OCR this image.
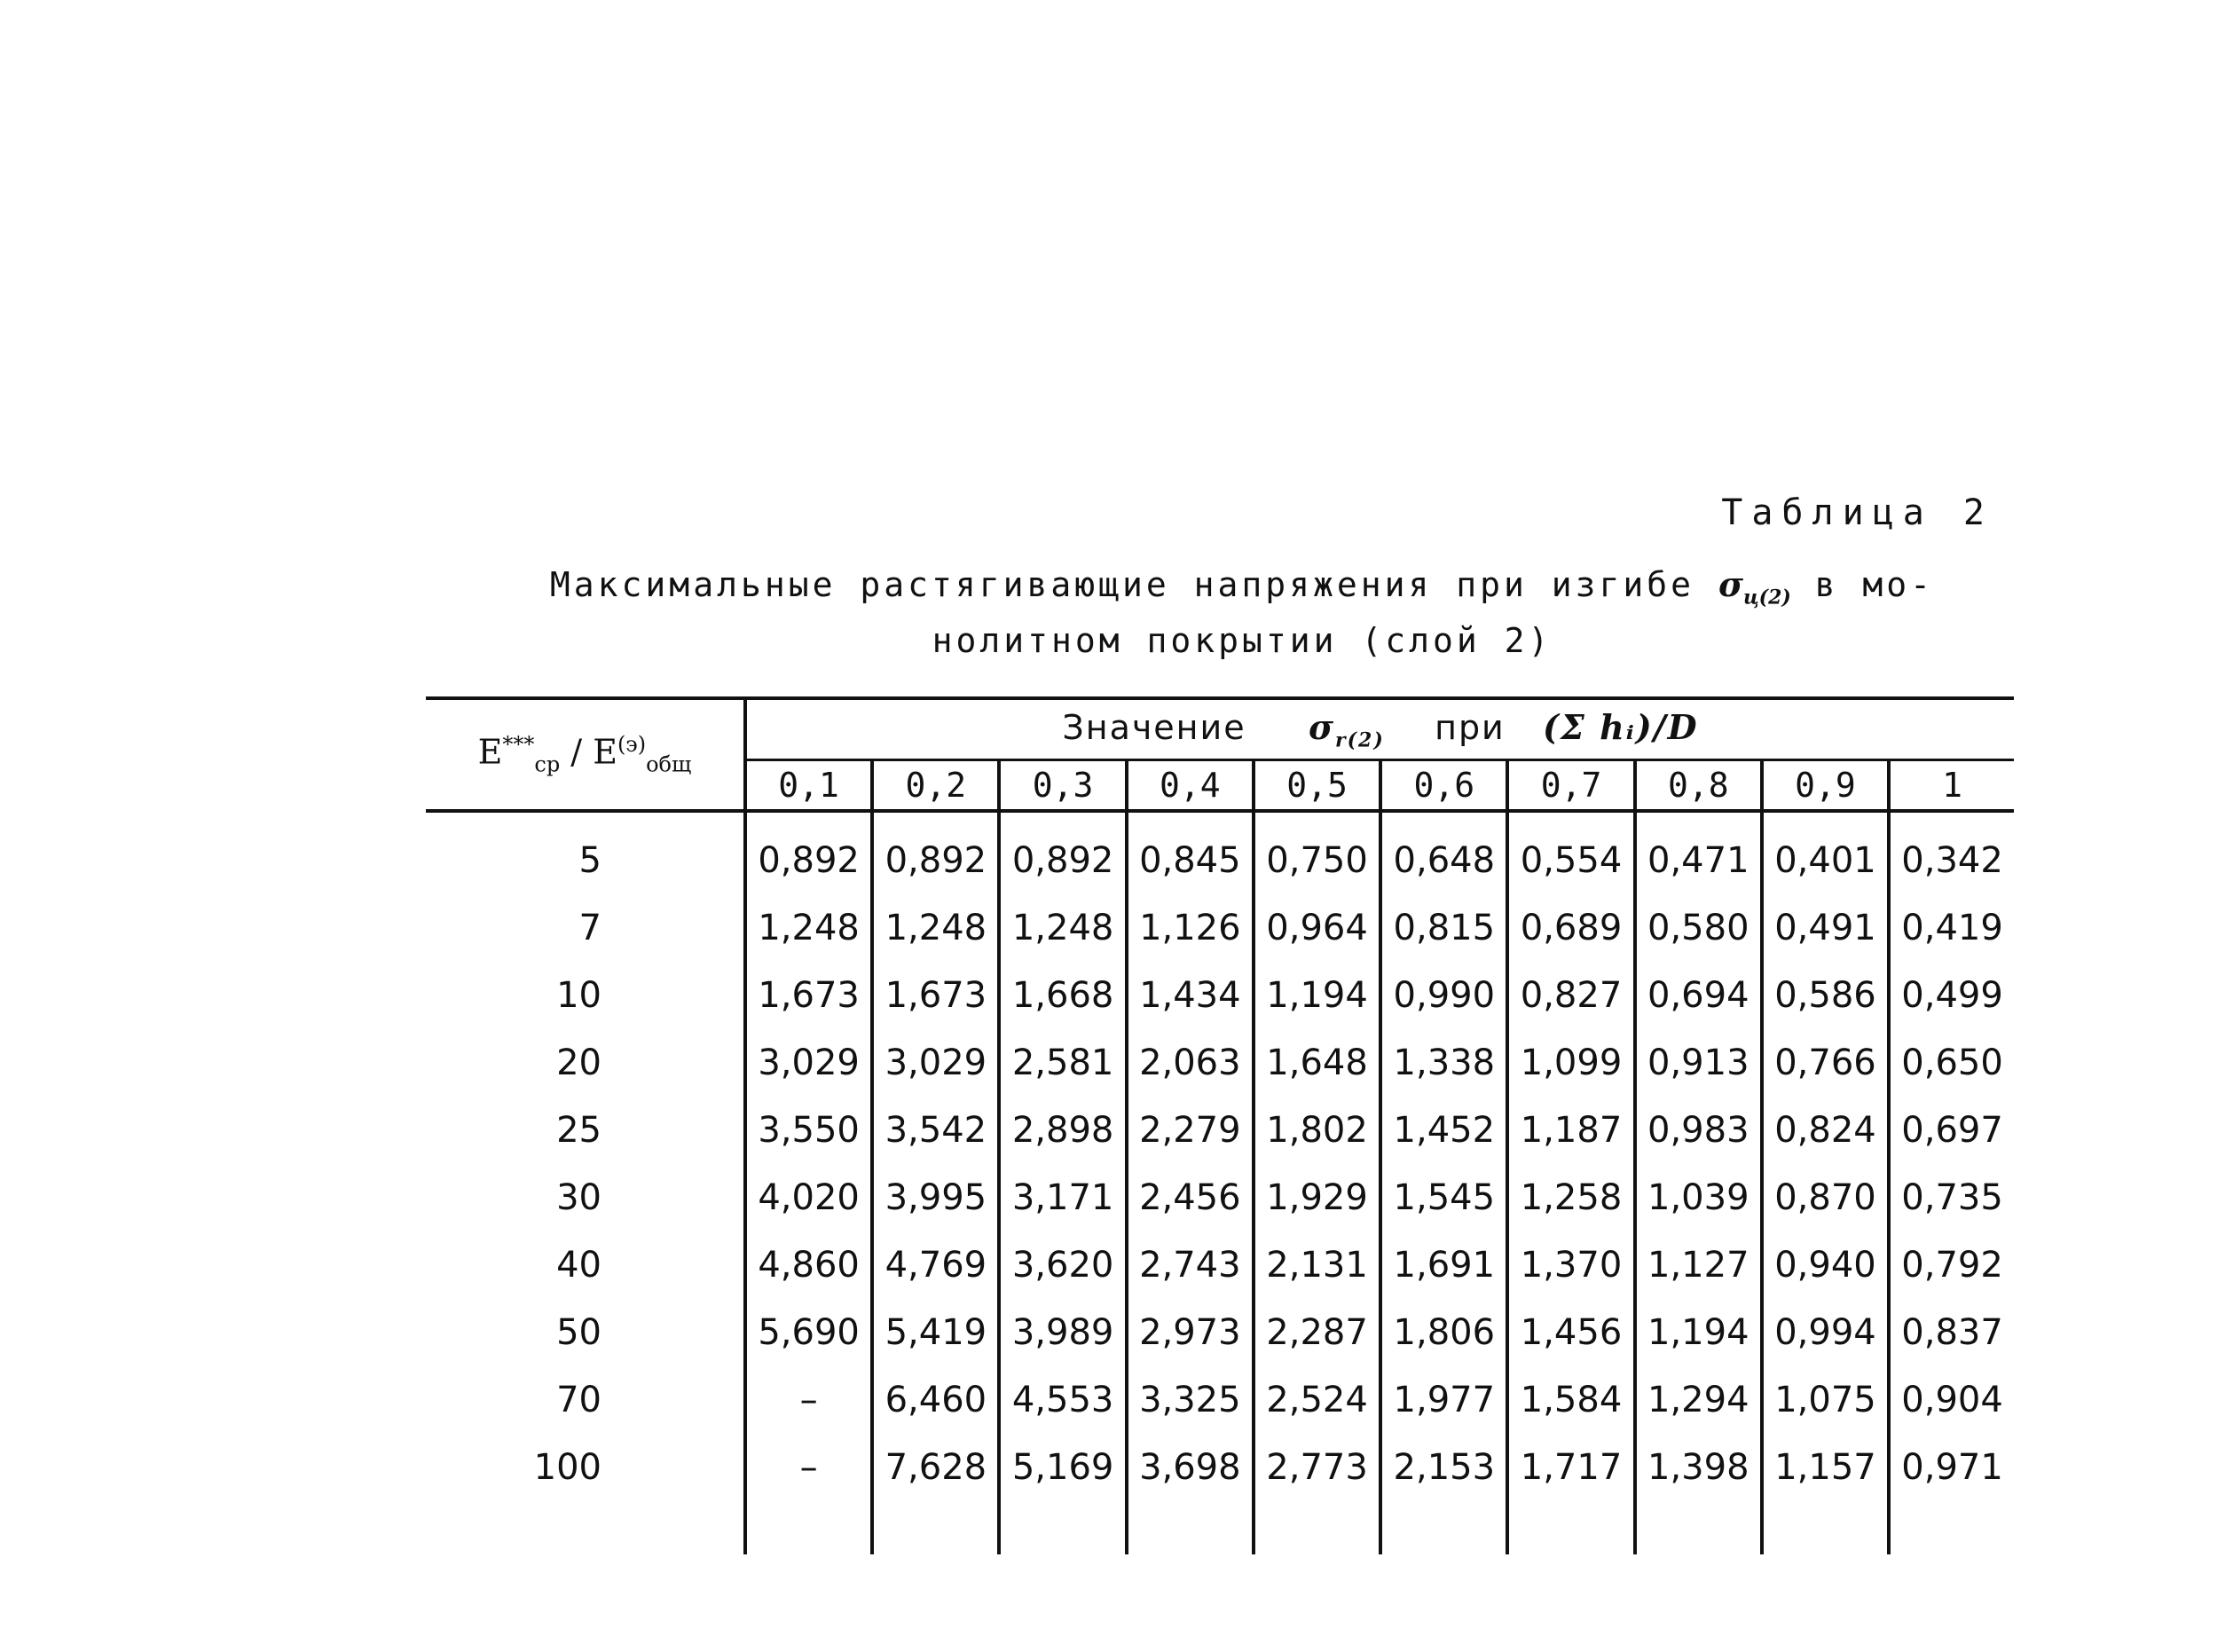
Таблица 2
Максимальные растягивающие напряжения при изгибе $\sigma_{ц(2)}$ в мо-
нолитном покрытии (слой 2)
$E^{***}_{ср} / E^{(э)}_{общ}$	Значение $\sigma_{r(2)}$ при (Σ hᵢ)/D									
	0,1	0,2	0,3	0,4	0,5	0,6	0,7	0,8	0,9	1
5	0,892	0,892	0,892	0,845	0,750	0,648	0,554	0,471	0,401	0,342
7	1,248	1,248	1,248	1,126	0,964	0,815	0,689	0,580	0,491	0,419
10	1,673	1,673	1,668	1,434	1,194	0,990	0,827	0,694	0,586	0,499
20	3,029	3,029	2,581	2,063	1,648	1,338	1,099	0,913	0,766	0,650
25	3,550	3,542	2,898	2,279	1,802	1,452	1,187	0,983	0,824	0,697
30	4,020	3,995	3,171	2,456	1,929	1,545	1,258	1,039	0,870	0,735
40	4,860	4,769	3,620	2,743	2,131	1,691	1,370	1,127	0,940	0,792
50	5,690	5,419	3,989	2,973	2,287	1,806	1,456	1,194	0,994	0,837
70	–	6,460	4,553	3,325	2,524	1,977	1,584	1,294	1,075	0,904
100	–	7,628	5,169	3,698	2,773	2,153	1,717	1,398	1,157	0,971
